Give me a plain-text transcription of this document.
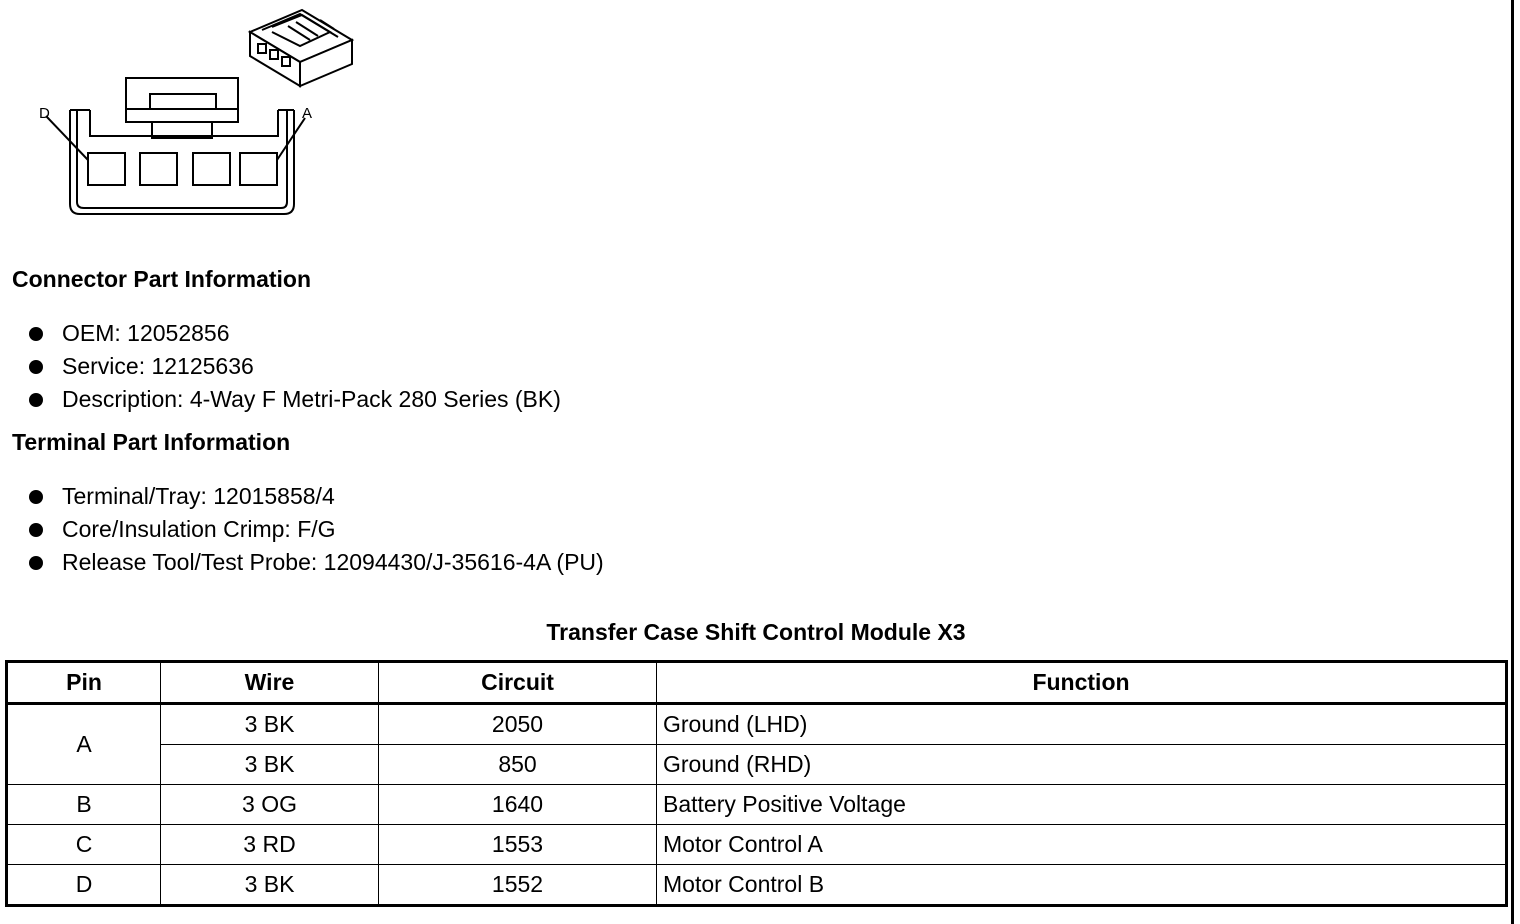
D	A
Connector Part Information
OEM: 12052856
Service: 12125636
Description: 4-Way F Metri-Pack 280 Series (BK)
Terminal Part Information
Terminal/Tray: 12015858/4
Core/Insulation Crimp: F/G
Release Tool/Test Probe: 12094430/J-35616-4A (PU)
Transfer Case Shift Control Module X3
Pin	Wire	Circuit	Function
A	3 BK	2050	Ground (LHD)
	3 BK	850	Ground (RHD)
B	3 OG	1640	Battery Positive Voltage
C	3 RD	1553	Motor Control A
D	3 BK	1552	Motor Control B
